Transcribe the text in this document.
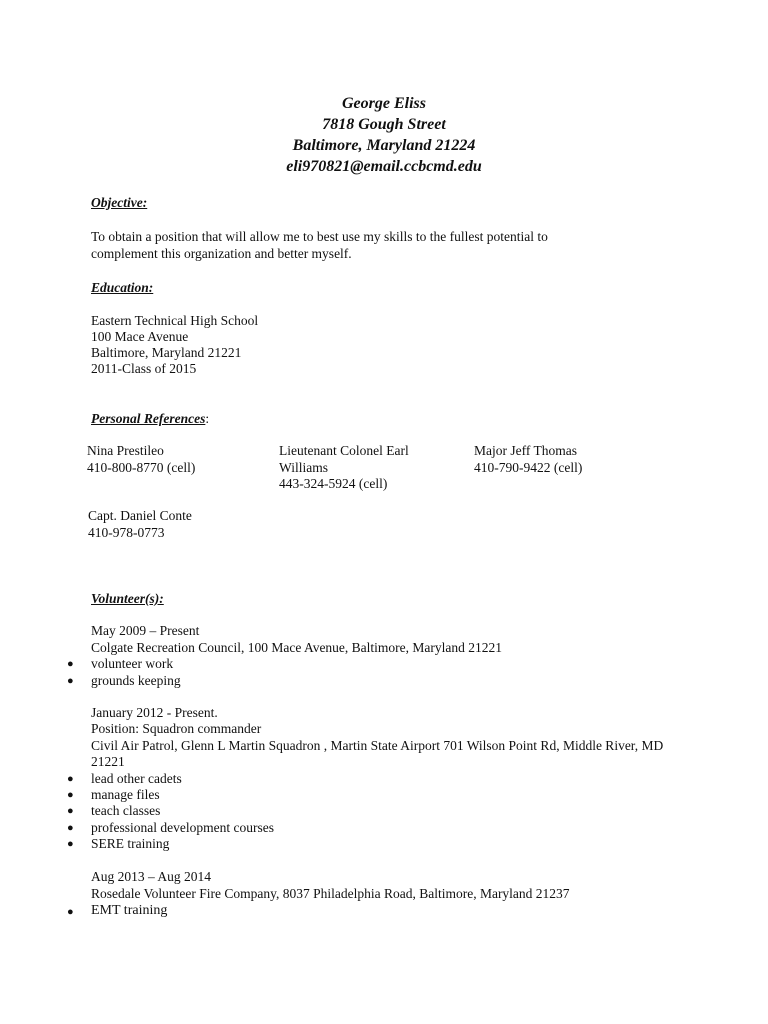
George Eliss
7818 Gough Street
Baltimore, Maryland 21224
eli970821@email.ccbcmd.edu
Objective:
To obtain a position that will allow me to best use my skills to the fullest potential to
complement this organization and better myself.
Education:
Eastern Technical High School
100 Mace Avenue
Baltimore, Maryland 21221
2011-Class of 2015
Personal References:
Nina Prestileo
410-800-8770 (cell)
Lieutenant Colonel Earl
Williams
443-324-5924 (cell)
Major Jeff Thomas
410-790-9422 (cell)
Capt. Daniel Conte
410-978-0773
Volunteer(s):
May 2009 – Present
Colgate Recreation Council, 100 Mace Avenue, Baltimore, Maryland 21221
● volunteer work
● grounds keeping
January 2012 - Present.
Position: Squadron commander
Civil Air Patrol, Glenn L Martin Squadron , Martin State Airport 701 Wilson Point Rd, Middle River, MD
21221
● lead other cadets
● manage files
● teach classes
● professional development courses
● SERE training
Aug 2013 – Aug 2014
Rosedale Volunteer Fire Company, 8037 Philadelphia Road, Baltimore, Maryland 21237
● EMT training
